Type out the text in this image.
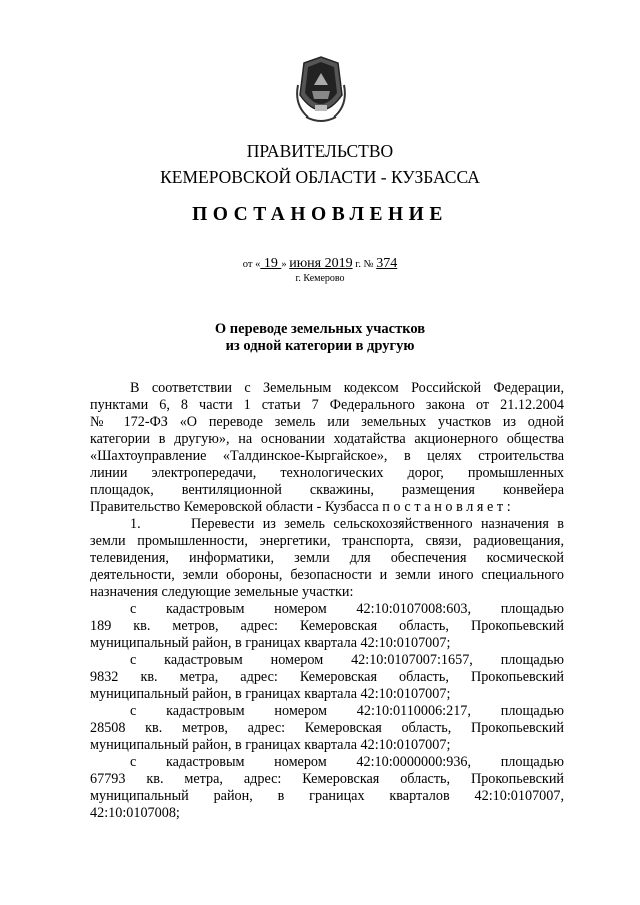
ПРАВИТЕЛЬСТВО
КЕМЕРОВСКОЙ ОБЛАСТИ - КУЗБАССА
ПОСТАНОВЛЕНИЕ
от « 19 » июня 2019 г. № 374
г. Кемерово
О переводе земельных участков
из одной категории в другую

В соответствии с Земельным кодексом Российской Федерации,

пунктами 6, 8 части 1 статьи 7 Федерального закона от 21.12.2004

№ 172-ФЗ «О переводе земель или земельных участков из одной

категории в другую», на основании ходатайства акционерного общества

«Шахтоуправление «Талдинское-Кыргайское», в целях строительства

линии электропередачи, технологических дорог, промышленных

площадок, вентиляционной скважины, размещения конвейера

Правительство Кемеровской области - Кузбасса постановляет:

1.      Перевести из земель сельскохозяйственного назначения в

земли промышленности, энергетики, транспорта, связи, радиовещания,

телевидения, информатики, земли для обеспечения космической

деятельности, земли обороны, безопасности и земли иного специального

назначения следующие земельные участки:

с кадастровым номером 42:10:0107008:603, площадью

189 кв. метров, адрес: Кемеровская область, Прокопьевский

муниципальный район, в границах квартала 42:10:0107007;

с кадастровым номером 42:10:0107007:1657, площадью

9832 кв. метра, адрес: Кемеровская область, Прокопьевский

муниципальный район, в границах квартала 42:10:0107007;

с кадастровым номером 42:10:0110006:217, площадью

28508 кв. метров, адрес: Кемеровская область, Прокопьевский

муниципальный район, в границах квартала 42:10:0107007;

с кадастровым номером 42:10:0000000:936, площадью

67793 кв. метра, адрес: Кемеровская область, Прокопьевский

муниципальный район, в границах кварталов 42:10:0107007,

42:10:0107008;
